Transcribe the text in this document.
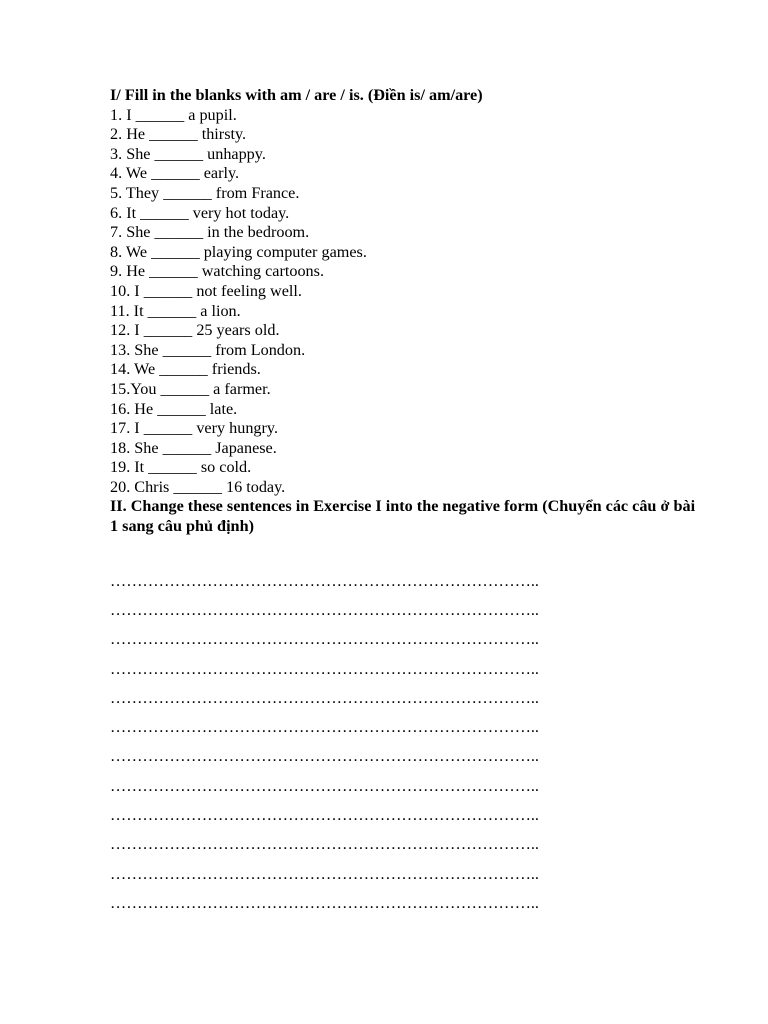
I/ Fill in the blanks with am / are / is. (Điền is/ am/are)

1. I ______ a pupil.
2. He ______ thirsty.
3. She ______ unhappy.
4. We ______ early.
5. They ______ from France.
6. It ______ very hot today.
7. She ______ in the bedroom.
8. We ______ playing computer games.
9. He ______ watching cartoons.
10. I ______ not feeling well.
11. It ______ a lion.
12. I ______ 25 years old.
13. She ______ from London.
14. We ______ friends.
15.You ______ a farmer.
16. He ______ late.
17. I ______ very hungry.
18. She ______ Japanese.
19. It ______ so cold.
20. Chris ______ 16 today.

II. Change these sentences in Exercise I into the negative form (Chuyển các câu ở bài 1 sang câu phủ định)

……………………………………………………………………..
……………………………………………………………………..
……………………………………………………………………..
……………………………………………………………………..
……………………………………………………………………..
……………………………………………………………………..
……………………………………………………………………..
……………………………………………………………………..
……………………………………………………………………..
……………………………………………………………………..
……………………………………………………………………..
……………………………………………………………………..
